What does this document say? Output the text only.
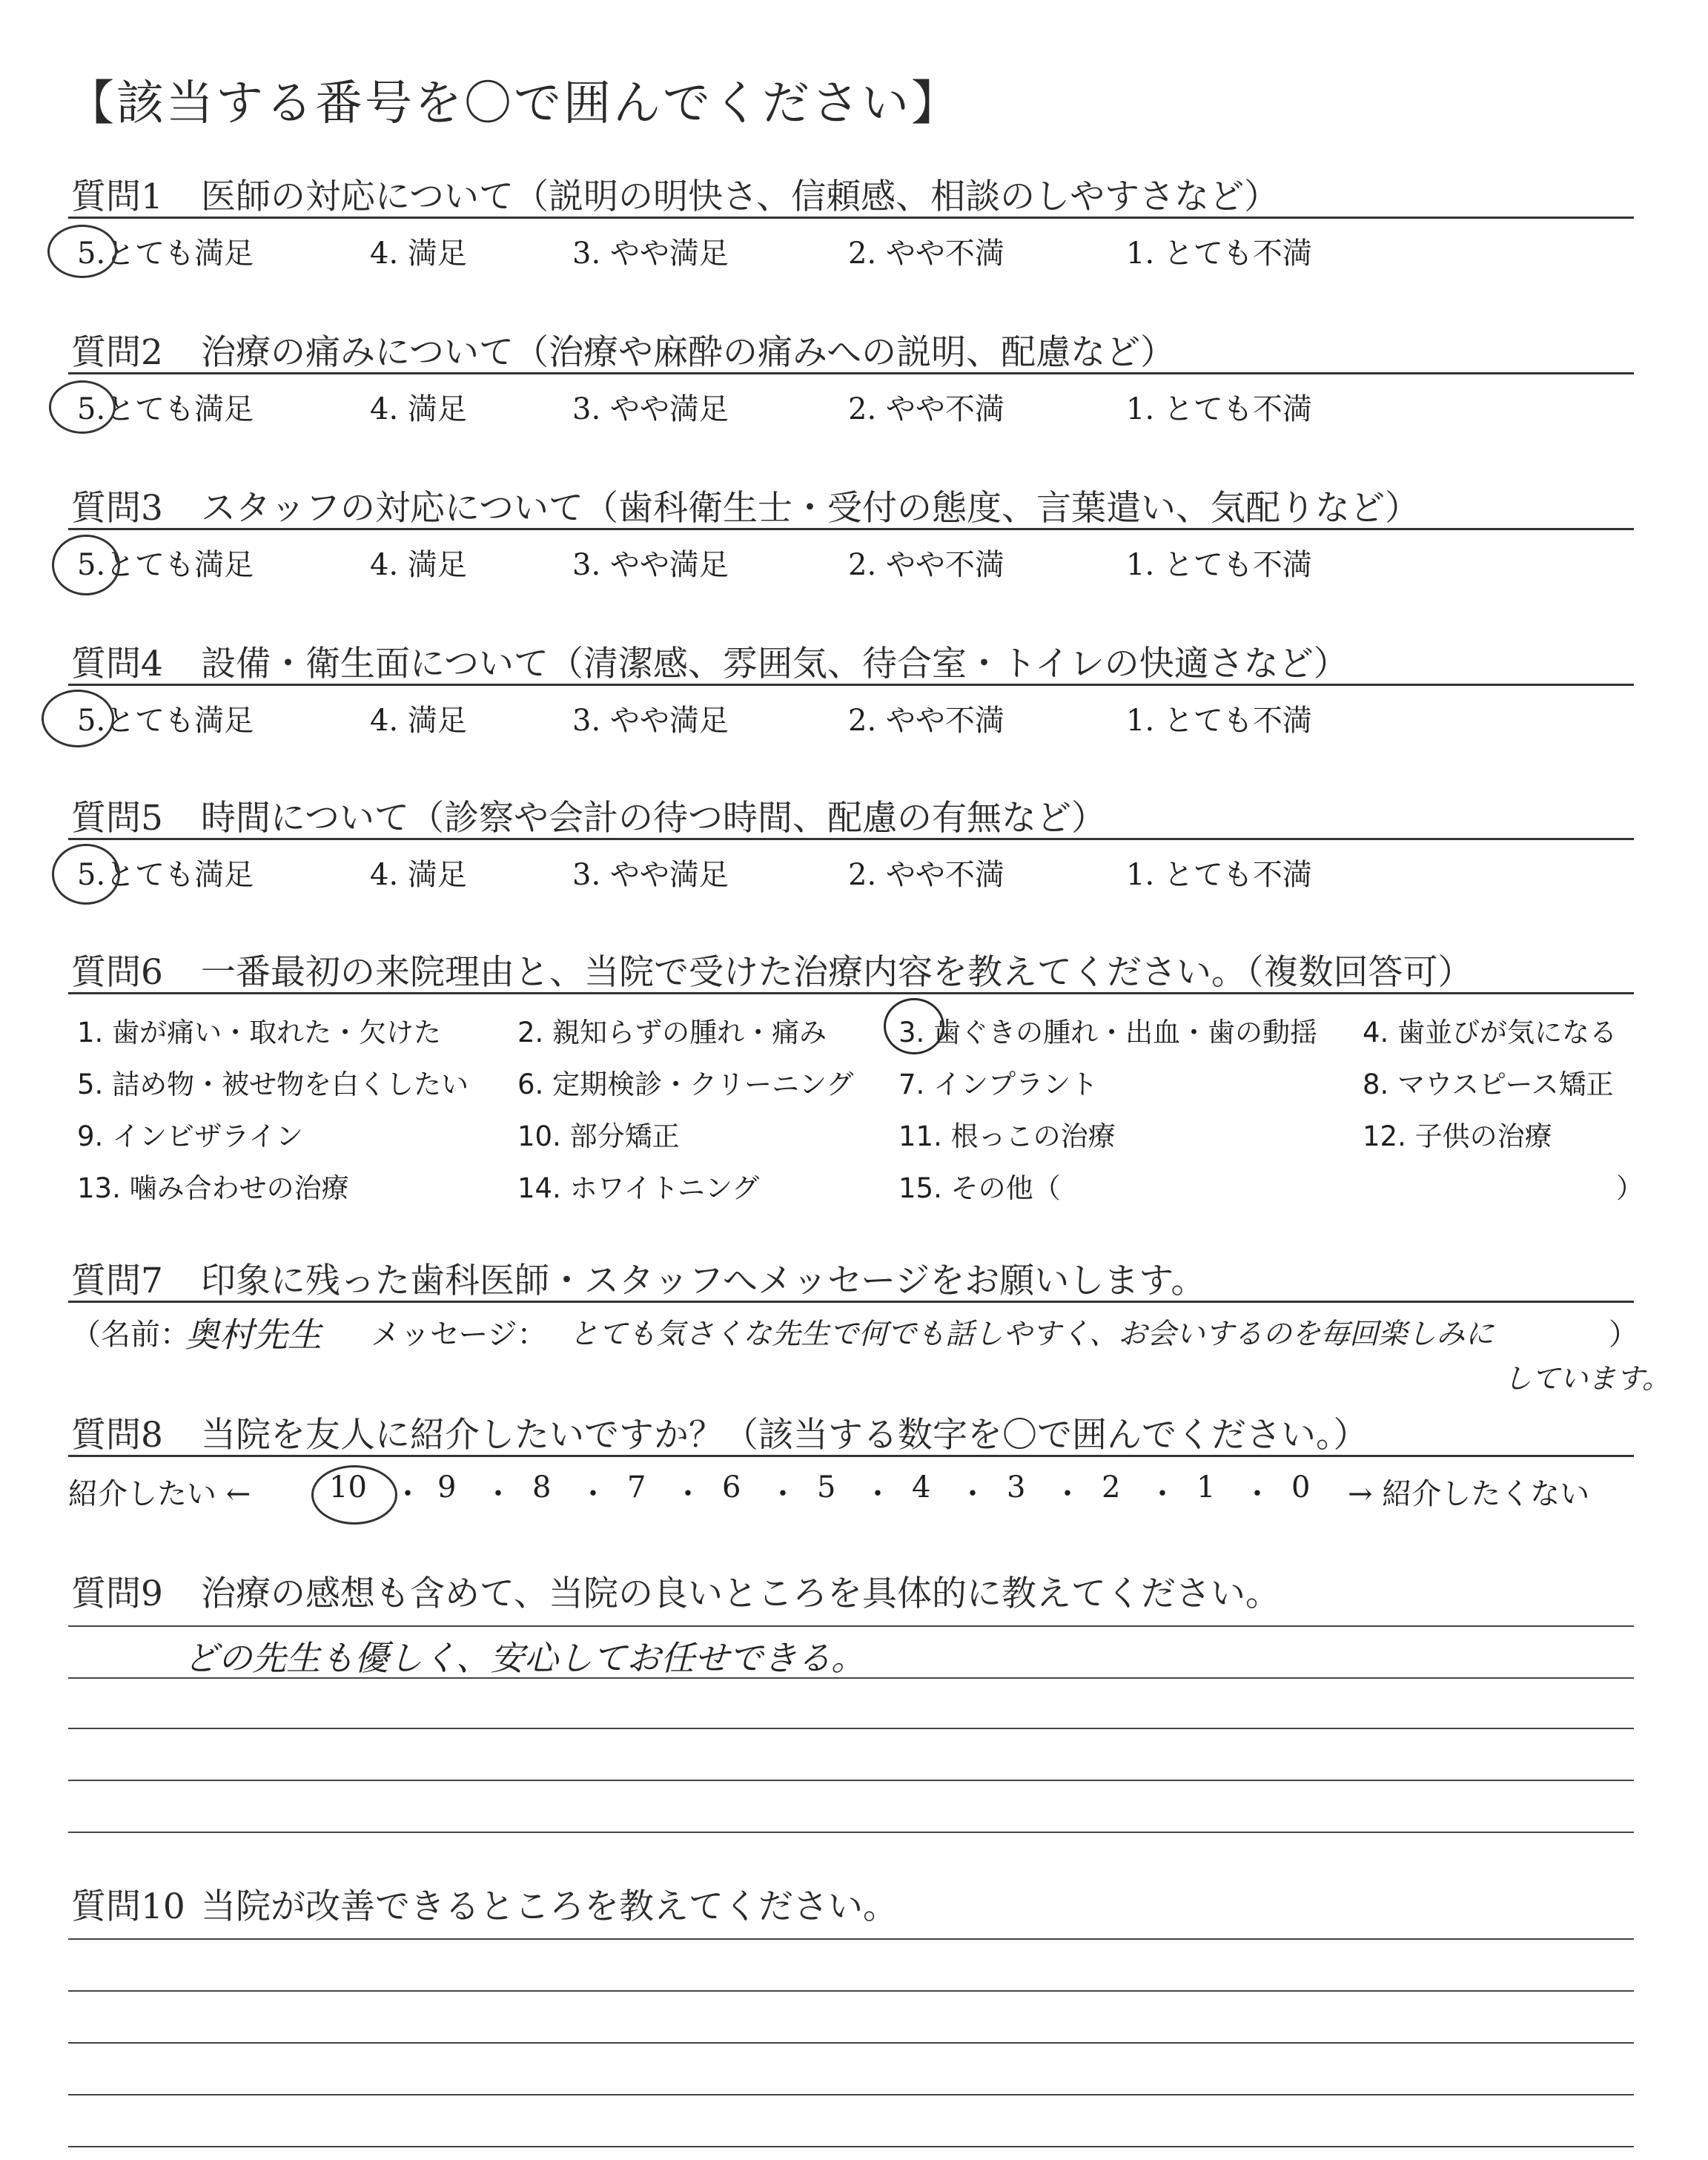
【該当する番号を〇で囲んでください】
質問1 医師の対応について（説明の明快さ、信頼感、相談のしやすさなど）
5.とても満足	4. 満足	3. やや満足	2. やや不満	1. とても不満
質問2 治療の痛みについて（治療や麻酔の痛みへの説明、配慮など）
5.とても満足	4. 満足	3. やや満足	2. やや不満	1. とても不満
質問3 スタッフの対応について（歯科衛生士・受付の態度、言葉遣い、気配りなど）
5.とても満足	4. 満足	3. やや満足	2. やや不満	1. とても不満
質問4 設備・衛生面について（清潔感、雰囲気、待合室・トイレの快適さなど）
5.とても満足	4. 満足	3. やや満足	2. やや不満	1. とても不満
質問5 時間について（診察や会計の待つ時間、配慮の有無など）
5.とても満足	4. 満足	3. やや満足	2. やや不満	1. とても不満
質問6 一番最初の来院理由と、当院で受けた治療内容を教えてください。（複数回答可）
1. 歯が痛い・取れた・欠けた	2. 親知らずの腫れ・痛み	3. 歯ぐきの腫れ・出血・歯の動揺 4. 歯並びが気になる
5. 詰め物・被せ物を白くしたい 6. 定期検診・クリーニング 7. インプラント	8. マウスピース矯正
9. インビザライン	10. 部分矯正	11. 根っこの治療	12. 子供の治療
13. 噛み合わせの治療	14. ホワイトニング	15. その他（	）
質問7 印象に残った歯科医師・スタッフへメッセージをお願いします。
（名前：
奥村先生 メッセージ： とても気さくな先生で何でも話しやすく、お会いするのを毎回楽しみに	）
しています。
質問8 当院を友人に紹介したいですか？（該当する数字を〇で囲んでください。）
紹介したい ←	10 ・ 9 ・ 8 ・ 7 ・ 6 ・ 5 ・ 4 ・ 3 ・ 2 ・ 1 ・ 0 → 紹介したくない
質問9 治療の感想も含めて、当院の良いところを具体的に教えてください。
どの先生も優しく、安心してお任せできる。
質問10 当院が改善できるところを教えてください。
